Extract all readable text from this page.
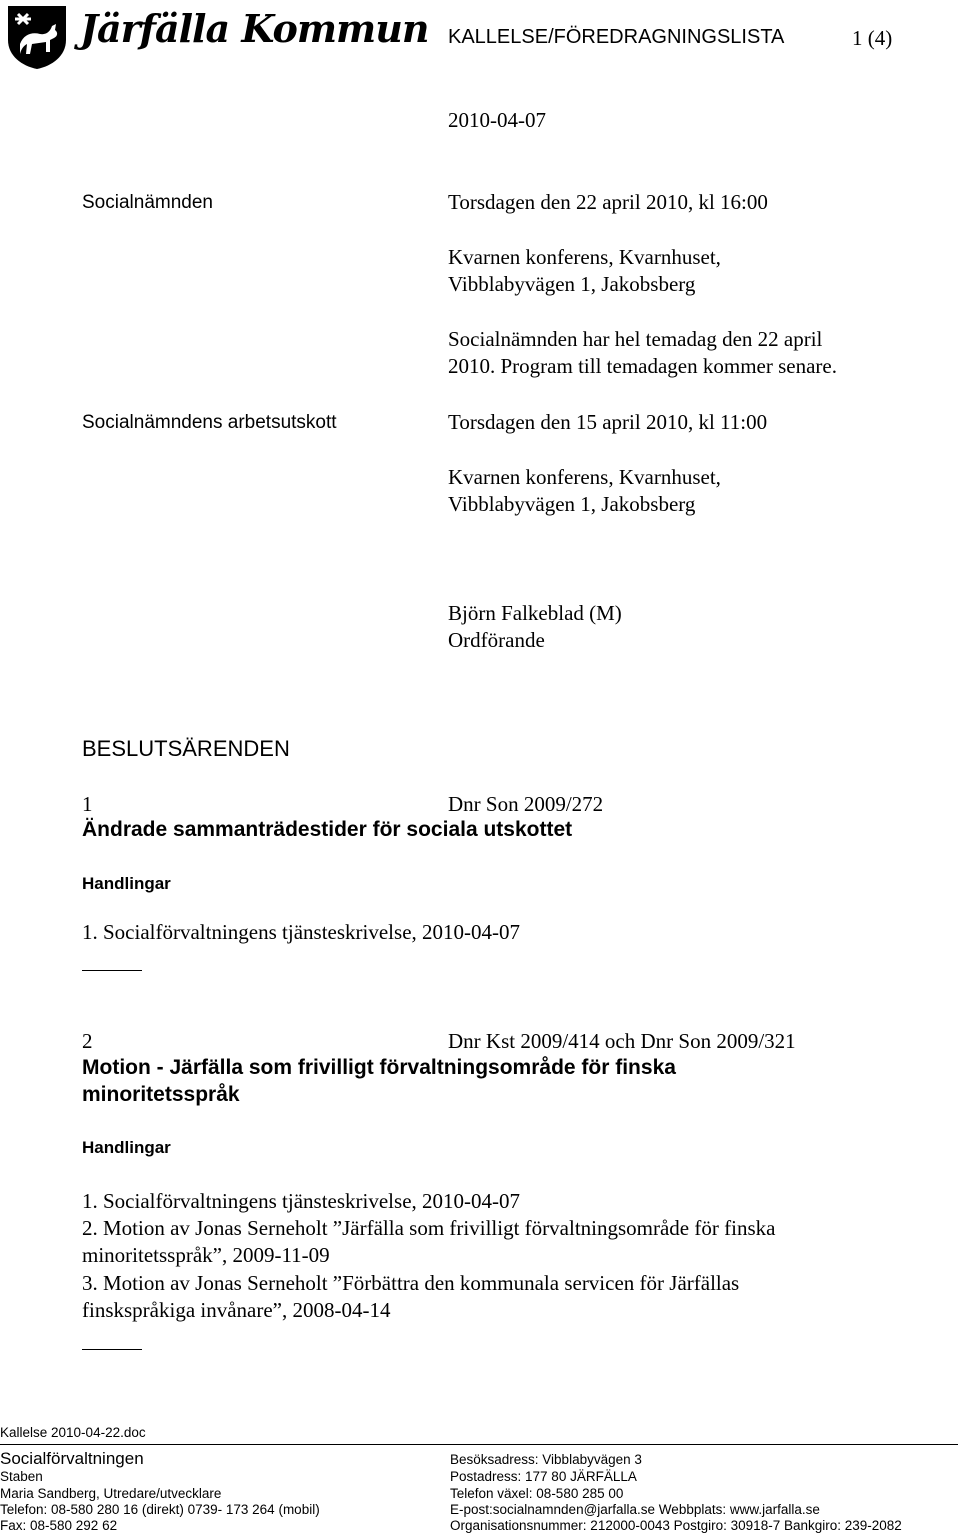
Järfälla Kommun KALLELSE/FÖREDRAGNINGSLISTA	1 (4)
2010-04-07
Socialnämnden	Torsdagen den 22 april 2010, kl 16:00
Kvarnen konferens, Kvarnhuset,
Vibblabyvägen 1, Jakobsberg
Socialnämnden har hel temadag den 22 april
2010. Program till temadagen kommer senare.
Socialnämndens arbetsutskott	Torsdagen den 15 april 2010, kl 11:00
Kvarnen konferens, Kvarnhuset,
Vibblabyvägen 1, Jakobsberg
Björn Falkeblad (M)
Ordförande
BESLUTSÄRENDEN
1	Dnr Son 2009/272
Ändrade sammanträdestider för sociala utskottet
Handlingar
1. Socialförvaltningens tjänsteskrivelse, 2010-04-07
2	Dnr Kst 2009/414 och Dnr Son 2009/321
Motion - Järfälla som frivilligt förvaltningsområde för finska
minoritetsspråk
Handlingar
1. Socialförvaltningens tjänsteskrivelse, 2010-04-07
2. Motion av Jonas Serneholt ”Järfälla som frivilligt förvaltningsområde för finska
minoritetsspråk”, 2009-11-09
3. Motion av Jonas Serneholt ”Förbättra den kommunala servicen för Järfällas
finskspråkiga invånare”, 2008-04-14
Kallelse 2010-04-22.doc
Socialförvaltningen
Staben
Maria Sandberg, Utredare/utvecklare
Telefon: 08-580 280 16 (direkt) 0739- 173 264 (mobil)
Fax: 08-580 292 62
Besöksadress: Vibblabyvägen 3
Postadress: 177 80 JÄRFÄLLA
Telefon växel: 08-580 285 00
E-post:socialnamnden@jarfalla.se Webbplats: www.jarfalla.se
Organisationsnummer: 212000-0043 Postgiro: 30918-7 Bankgiro: 239-2082
